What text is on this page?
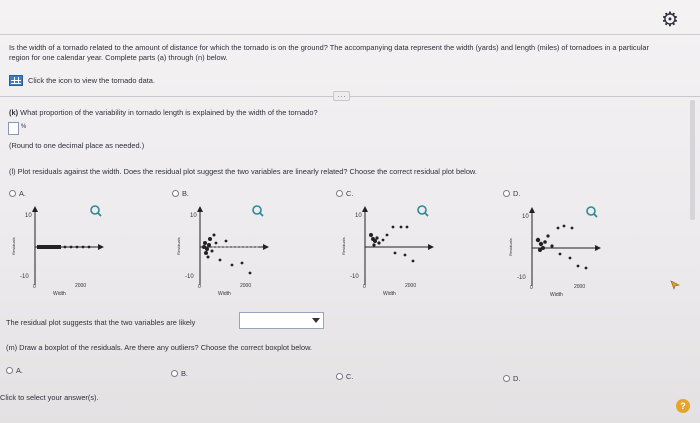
⚙
Is the width of a tornado related to the amount of distance for which the tornado is on the ground? The accompanying data represent the width (yards) and length (miles) of tornadoes in a particular region for one calendar year. Complete parts (a) through (n) below.
Click the icon to view the tornado data.
···
(k) What proportion of the variability in tornado length is explained by the width of the tornado?
%
(Round to one decimal place as needed.)
(l) Plot residuals against the width. Does the residual plot suggest the two variables are linearly related? Choose the correct residual plot below.
A.	B.	C.	D.
10
-10
0	2000
Width
Residuals
10
-10
0	2000
Width
Residuals
10
-10
0	2000
Width
Residuals
10
-10
0	2000
Width
Residuals
The residual plot suggests that the two variables are likely
(m) Draw a boxplot of the residuals. Are there any outliers? Choose the correct boxplot below.
A.	B.	C.	D.
Click to select your answer(s).
?
